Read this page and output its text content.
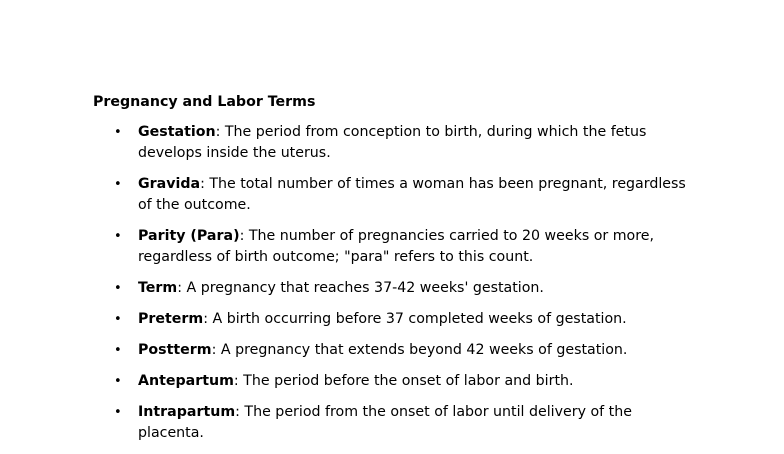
Pregnancy and Labor Terms
• Gestation: The period from conception to birth, during which the fetus develops inside the uterus.
• Gravida: The total number of times a woman has been pregnant, regardless of the outcome.
• Parity (Para): The number of pregnancies carried to 20 weeks or more, regardless of birth outcome; "para" refers to this count.
• Term: A pregnancy that reaches 37-42 weeks' gestation.
• Preterm: A birth occurring before 37 completed weeks of gestation.
• Postterm: A pregnancy that extends beyond 42 weeks of gestation.
• Antepartum: The period before the onset of labor and birth.
• Intrapartum: The period from the onset of labor until delivery of the placenta.
